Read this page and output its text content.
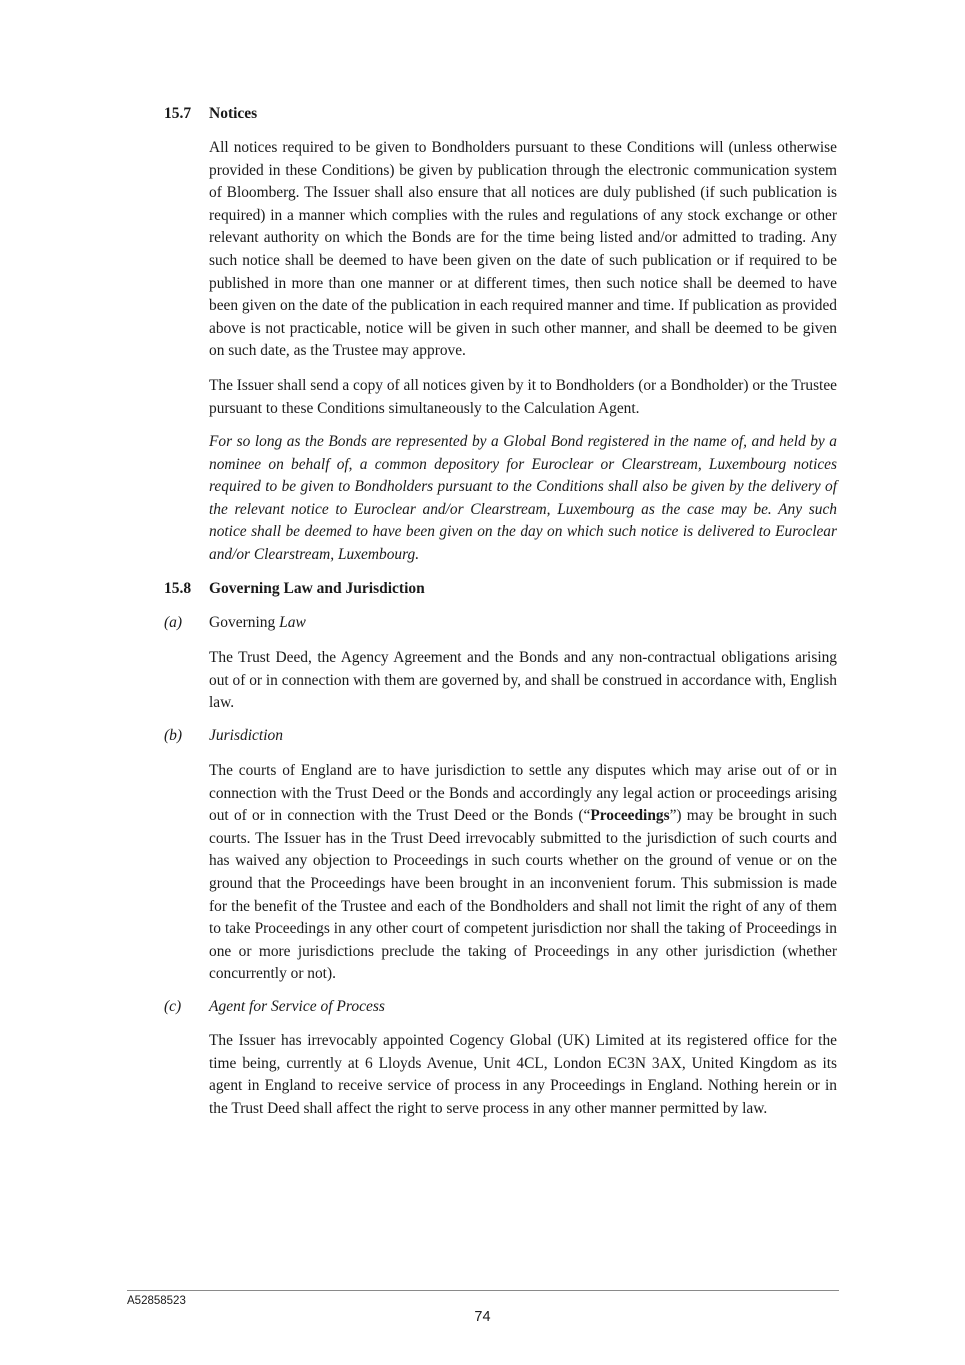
15.7 Notices

All notices required to be given to Bondholders pursuant to these Conditions will (unless otherwise provided in these Conditions) be given by publication through the electronic communication system of Bloomberg. The Issuer shall also ensure that all notices are duly published (if such publication is required) in a manner which complies with the rules and regulations of any stock exchange or other relevant authority on which the Bonds are for the time being listed and/or admitted to trading. Any such notice shall be deemed to have been given on the date of such publication or if required to be published in more than one manner or at different times, then such notice shall be deemed to have been given on the date of the publication in each required manner and time. If publication as provided above is not practicable, notice will be given in such other manner, and shall be deemed to be given on such date, as the Trustee may approve.

The Issuer shall send a copy of all notices given by it to Bondholders (or a Bondholder) or the Trustee pursuant to these Conditions simultaneously to the Calculation Agent.

For so long as the Bonds are represented by a Global Bond registered in the name of, and held by a nominee on behalf of, a common depository for Euroclear or Clearstream, Luxembourg notices required to be given to Bondholders pursuant to the Conditions shall also be given by the delivery of the relevant notice to Euroclear and/or Clearstream, Luxembourg as the case may be. Any such notice shall be deemed to have been given on the day on which such notice is delivered to Euroclear and/or Clearstream, Luxembourg.

15.8 Governing Law and Jurisdiction
(a) Governing Law

The Trust Deed, the Agency Agreement and the Bonds and any non-contractual obligations arising out of or in connection with them are governed by, and shall be construed in accordance with, English law.

(b) Jurisdiction

The courts of England are to have jurisdiction to settle any disputes which may arise out of or in connection with the Trust Deed or the Bonds and accordingly any legal action or proceedings arising out of or in connection with the Trust Deed or the Bonds (“Proceedings”) may be brought in such courts. The Issuer has in the Trust Deed irrevocably submitted to the jurisdiction of such courts and has waived any objection to Proceedings in such courts whether on the ground of venue or on the ground that the Proceedings have been brought in an inconvenient forum. This submission is made for the benefit of the Trustee and each of the Bondholders and shall not limit the right of any of them to take Proceedings in any other court of competent jurisdiction nor shall the taking of Proceedings in one or more jurisdictions preclude the taking of Proceedings in any other jurisdiction (whether concurrently or not).

(c) Agent for Service of Process

The Issuer has irrevocably appointed Cogency Global (UK) Limited at its registered office for the time being, currently at 6 Lloyds Avenue, Unit 4CL, London EC3N 3AX, United Kingdom as its agent in England to receive service of process in any Proceedings in England. Nothing herein or in the Trust Deed shall affect the right to serve process in any other manner permitted by law.

A52858523
74
